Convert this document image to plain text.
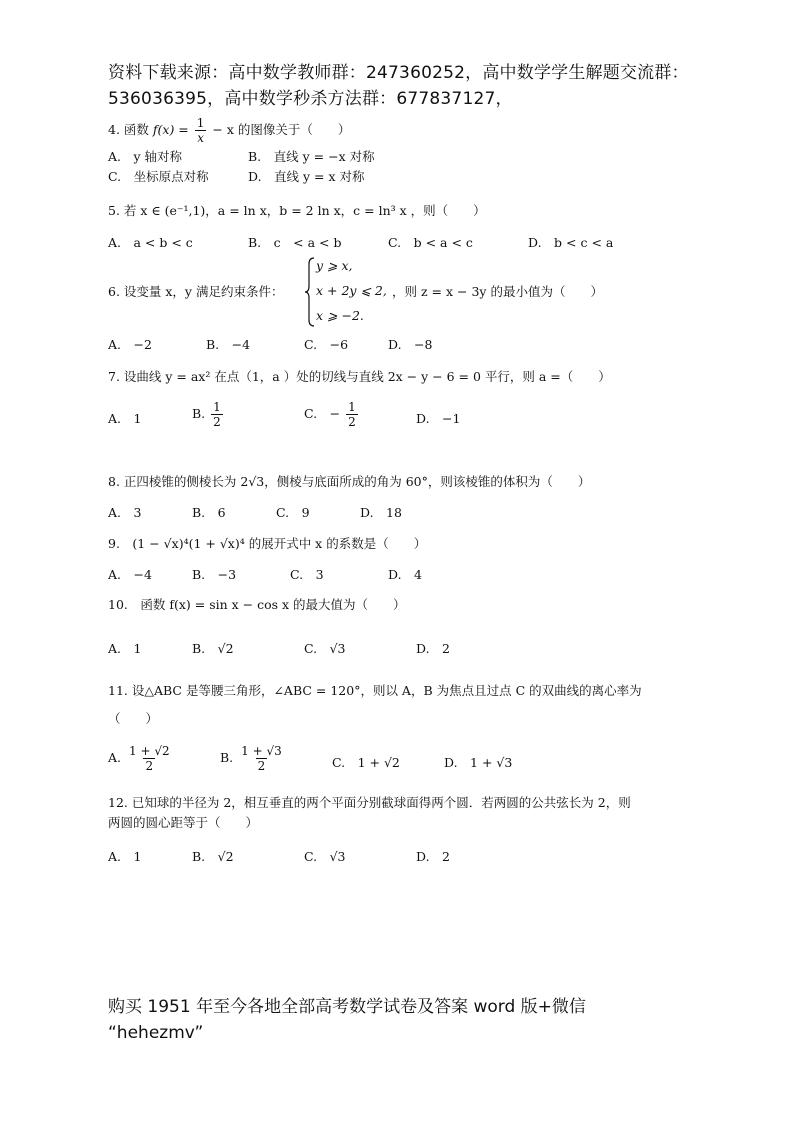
资料下载来源：高中数学教师群：247360252，高中数学学生解题交流群：
536036395，高中数学秒杀方法群：677837127，
4. 函数 $f(x) = \frac{1}{x} - x$ 的图像关于（　　）
A.　y 轴对称	B.　直线 y = −x 对称
C.　坐标原点对称	D.　直线 y = x 对称
5. 若 x ∈ (e⁻¹,1)，a = ln x，b = 2 ln x，c = ln³ x ，则（　　）
A.　a < b < c	B.　c　< a < b	C.　b < a < c	D.　b < c < a
6. 设变量 x，y 满足约束条件：
y ⩾ x,
x + 2y ⩽ 2,
x ⩾ −2.
，则 z = x − 3y 的最小值为（　　）
A.　−2	B.　−4	C.　−6	D.　−8
7. 设曲线 y = ax² 在点（1，a ）处的切线与直线 2x − y − 6 = 0 平行，则 a =（　　）
A.　1	B. $\frac{1}{2}$	C.　− $\frac{1}{2}$	D.　−1
8. 正四棱锥的侧棱长为 2√3，侧棱与底面所成的角为 60°，则该棱锥的体积为（　　）
A.　3	B.　6	C.　9	D.　18
9.　(1 − √x)⁴(1 + √x)⁴ 的展开式中 x 的系数是（　　）
A.　−4	B.　−3	C.　3	D.　4
10.　函数 f(x) = sin x − cos x 的最大值为（　　）
A.　1	B.　√2	C.　√3	D.　2
11. 设△ABC 是等腰三角形，∠ABC = 120°，则以 A，B 为焦点且过点 C 的双曲线的离心率为
（　　）
A. $\frac{1 + √2}{2}$	B. $\frac{1 + √3}{2}$	C.　1 + √2	D.　1 + √3
12. 已知球的半径为 2，相互垂直的两个平面分别截球面得两个圆．若两圆的公共弦长为 2，则
两圆的圆心距等于（　　）
A.　1	B.　√2	C.　√3	D.　2
购买 1951 年至今各地全部高考数学试卷及答案 word 版+微信
“hehezmv”
